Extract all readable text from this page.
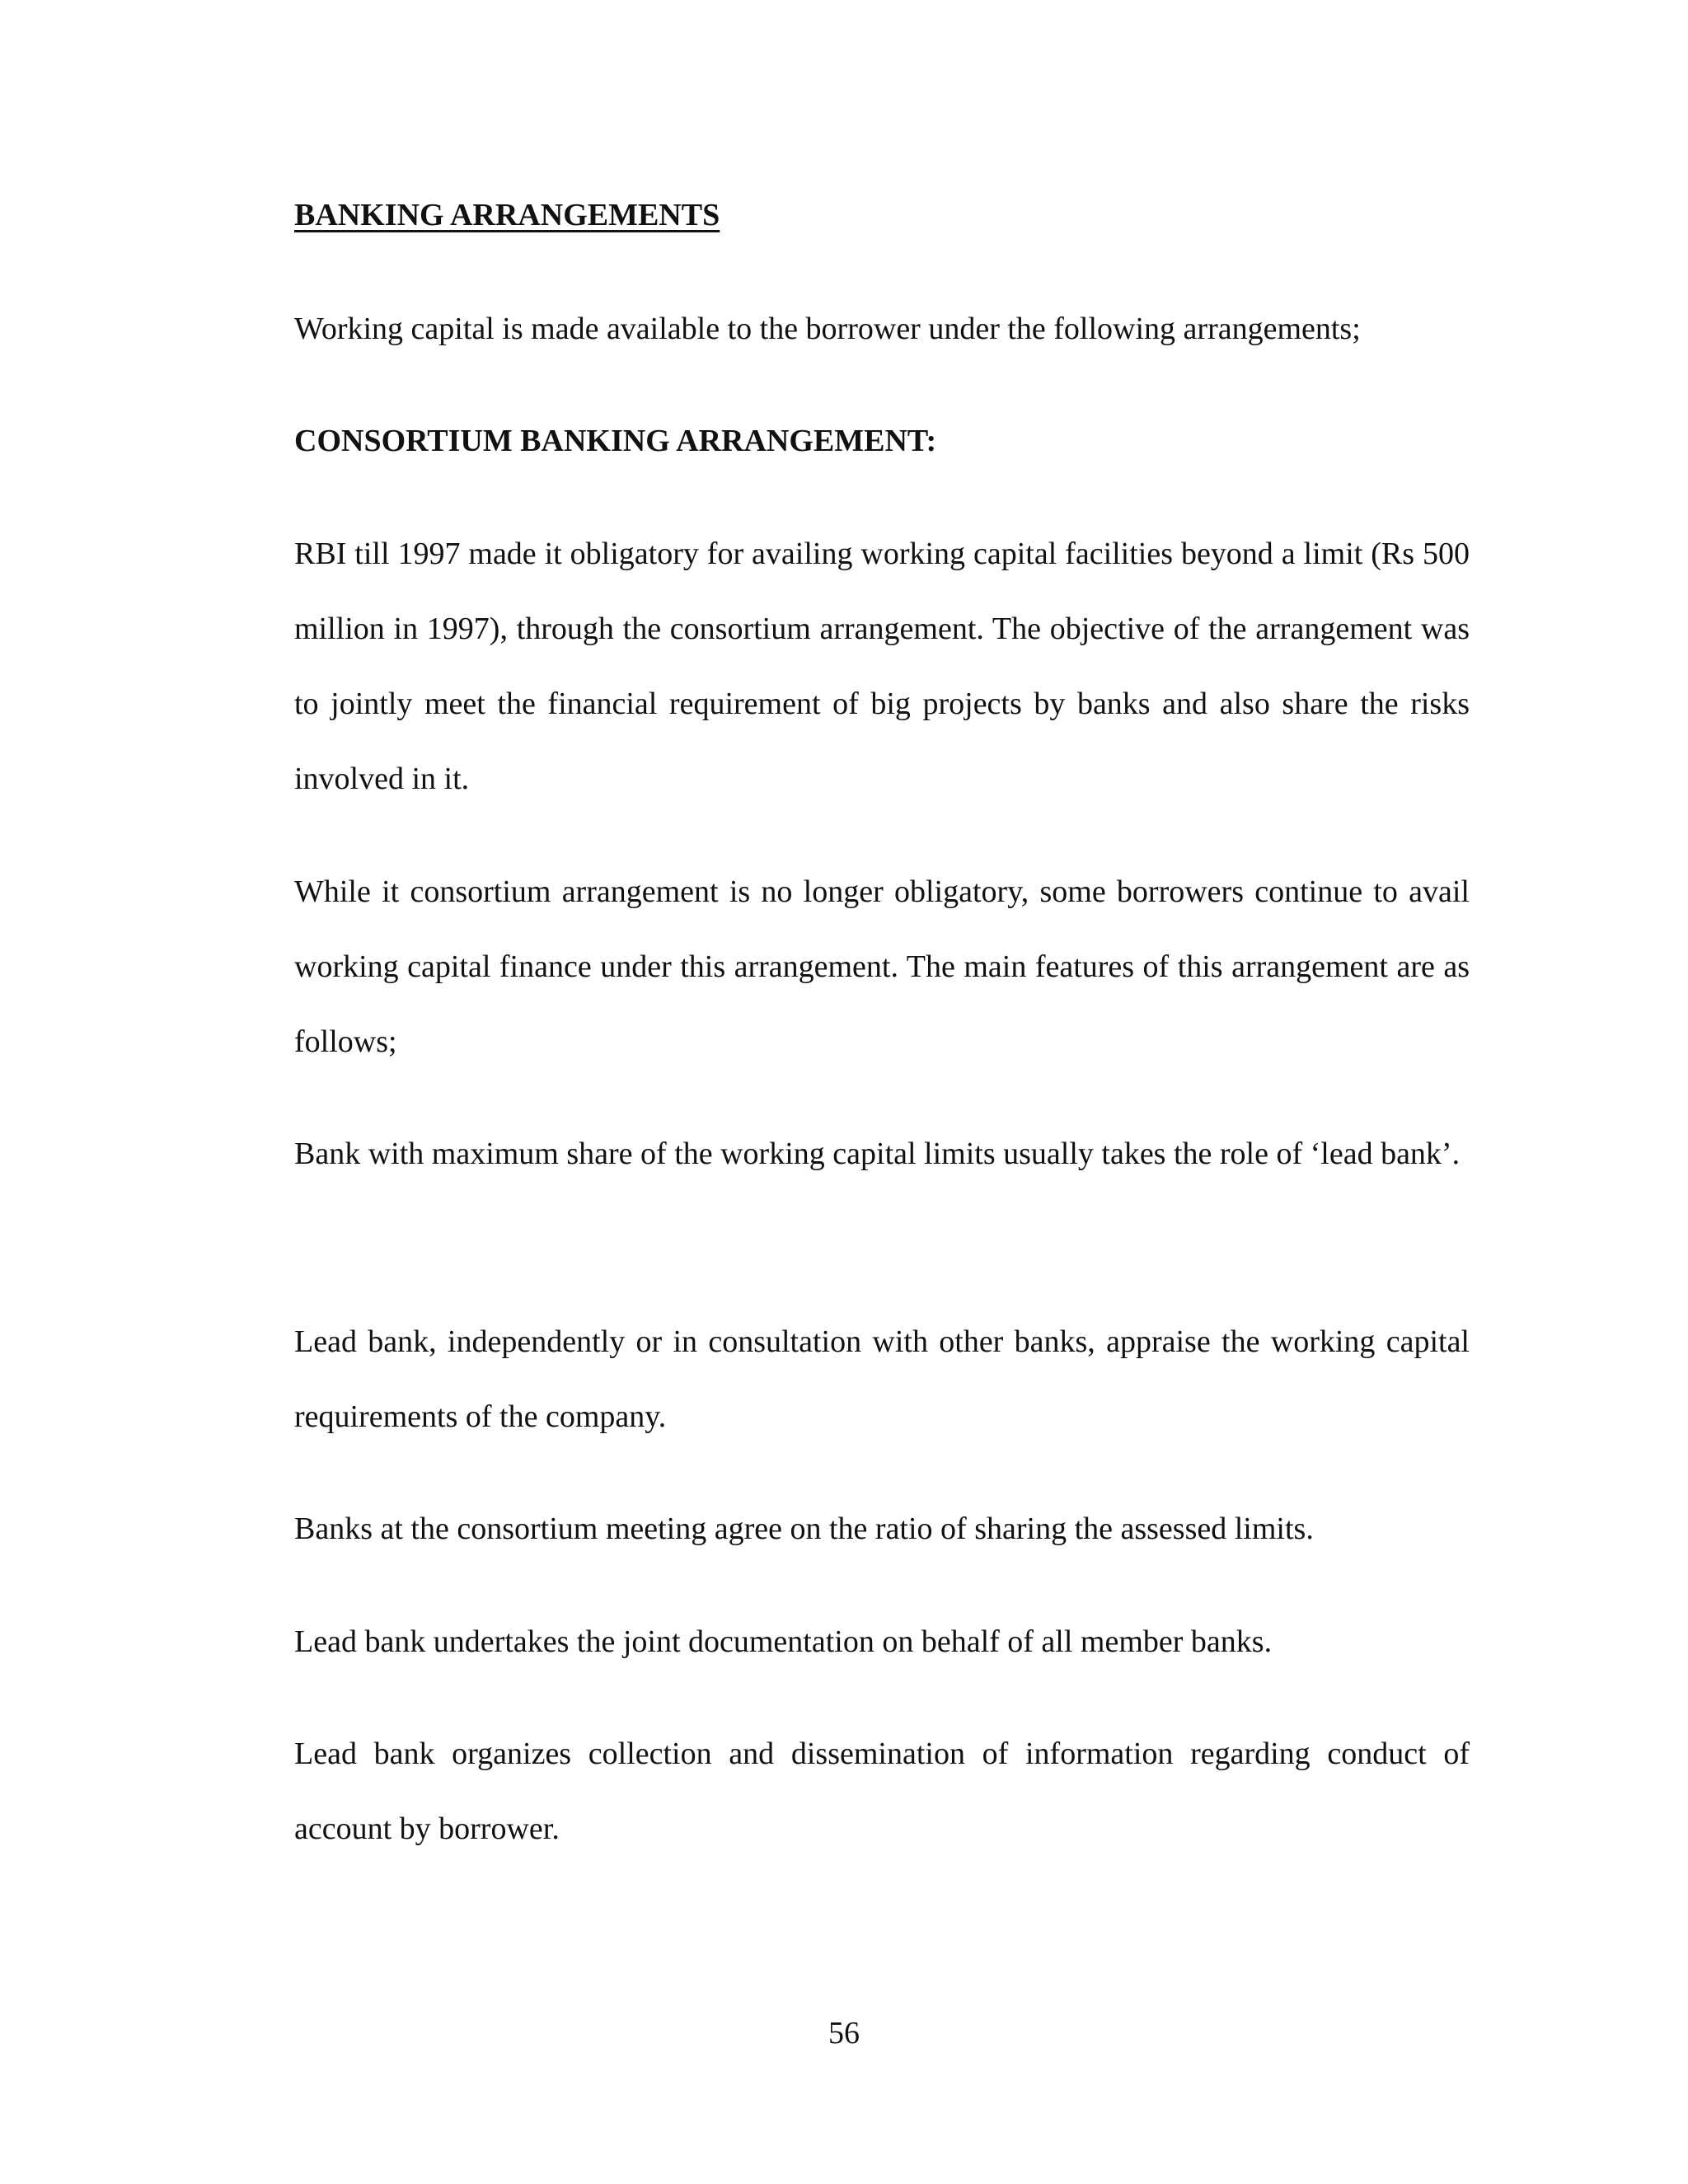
BANKING ARRANGEMENTS
Working capital is made available to the borrower under the following arrangements;
CONSORTIUM BANKING ARRANGEMENT:
RBI till 1997 made it obligatory for availing working capital facilities beyond a limit (Rs 500 million in 1997), through the consortium arrangement. The objective of the arrangement was to jointly meet the financial requirement of big projects by banks and also share the risks involved in it.
While it consortium arrangement is no longer obligatory, some borrowers continue to avail working capital finance under this arrangement. The main features of this arrangement are as follows;
Bank with maximum share of the working capital limits usually takes the role of ‘lead bank’.
Lead bank, independently or in consultation with other banks, appraise the working capital requirements of the company.
Banks at the consortium meeting agree on the ratio of sharing the assessed limits.
Lead bank undertakes the joint documentation on behalf of all member banks.
Lead bank organizes collection and dissemination of information regarding conduct of account by borrower.
56
